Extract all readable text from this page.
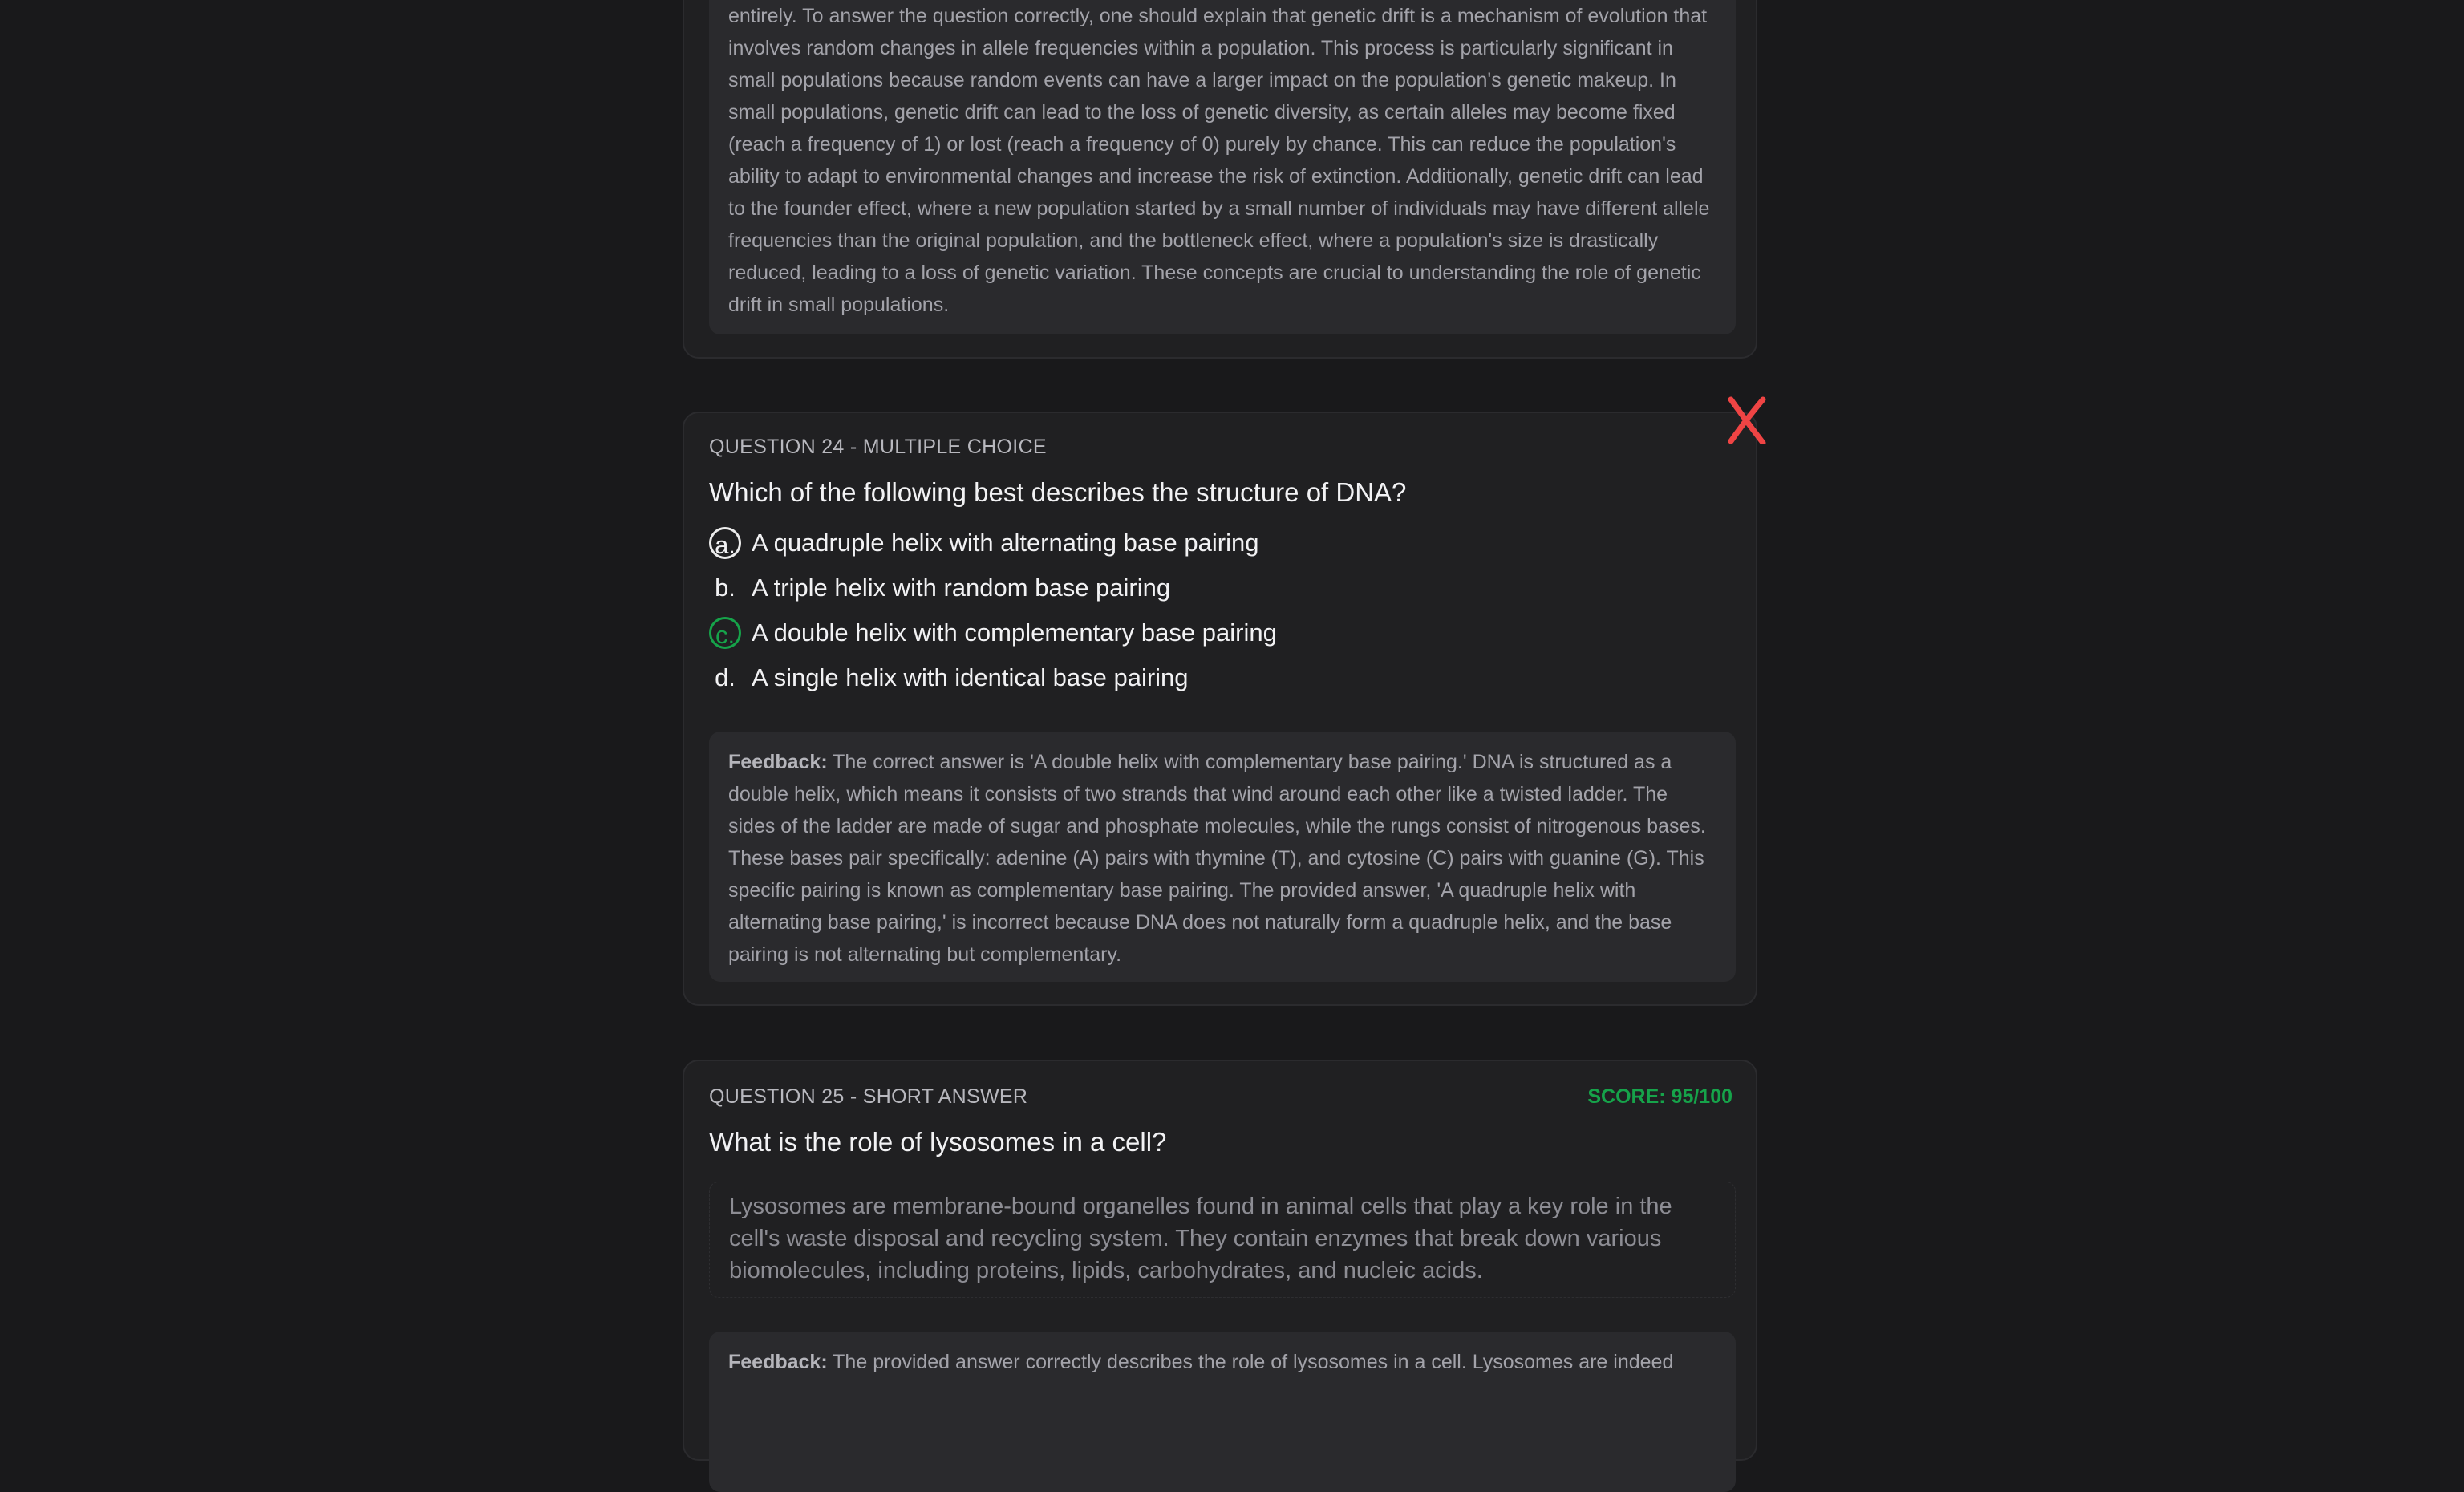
entirely. To answer the question correctly, one should explain that genetic drift is a mechanism of evolution that involves random changes in allele frequencies within a population. This process is particularly significant in small populations because random events can have a larger impact on the population's genetic makeup. In small populations, genetic drift can lead to the loss of genetic diversity, as certain alleles may become fixed (reach a frequency of 1) or lost (reach a frequency of 0) purely by chance. This can reduce the population's ability to adapt to environmental changes and increase the risk of extinction. Additionally, genetic drift can lead to the founder effect, where a new population started by a small number of individuals may have different allele frequencies than the original population, and the bottleneck effect, where a population's size is drastically reduced, leading to a loss of genetic variation. These concepts are crucial to understanding the role of genetic drift in small populations.
QUESTION 24 - MULTIPLE CHOICE
Which of the following best describes the structure of DNA?
a. A quadruple helix with alternating base pairing
b. A triple helix with random base pairing
c. A double helix with complementary base pairing
d. A single helix with identical base pairing
Feedback: The correct answer is 'A double helix with complementary base pairing.' DNA is structured as a double helix, which means it consists of two strands that wind around each other like a twisted ladder. The sides of the ladder are made of sugar and phosphate molecules, while the rungs consist of nitrogenous bases. These bases pair specifically: adenine (A) pairs with thymine (T), and cytosine (C) pairs with guanine (G). This specific pairing is known as complementary base pairing. The provided answer, 'A quadruple helix with alternating base pairing,' is incorrect because DNA does not naturally form a quadruple helix, and the base pairing is not alternating but complementary.
QUESTION 25 - SHORT ANSWER	SCORE: 95/100
What is the role of lysosomes in a cell?
Lysosomes are membrane-bound organelles found in animal cells that play a key role in the cell's waste disposal and recycling system. They contain enzymes that break down various biomolecules, including proteins, lipids, carbohydrates, and nucleic acids.
Feedback: The provided answer correctly describes the role of lysosomes in a cell. Lysosomes are indeed
